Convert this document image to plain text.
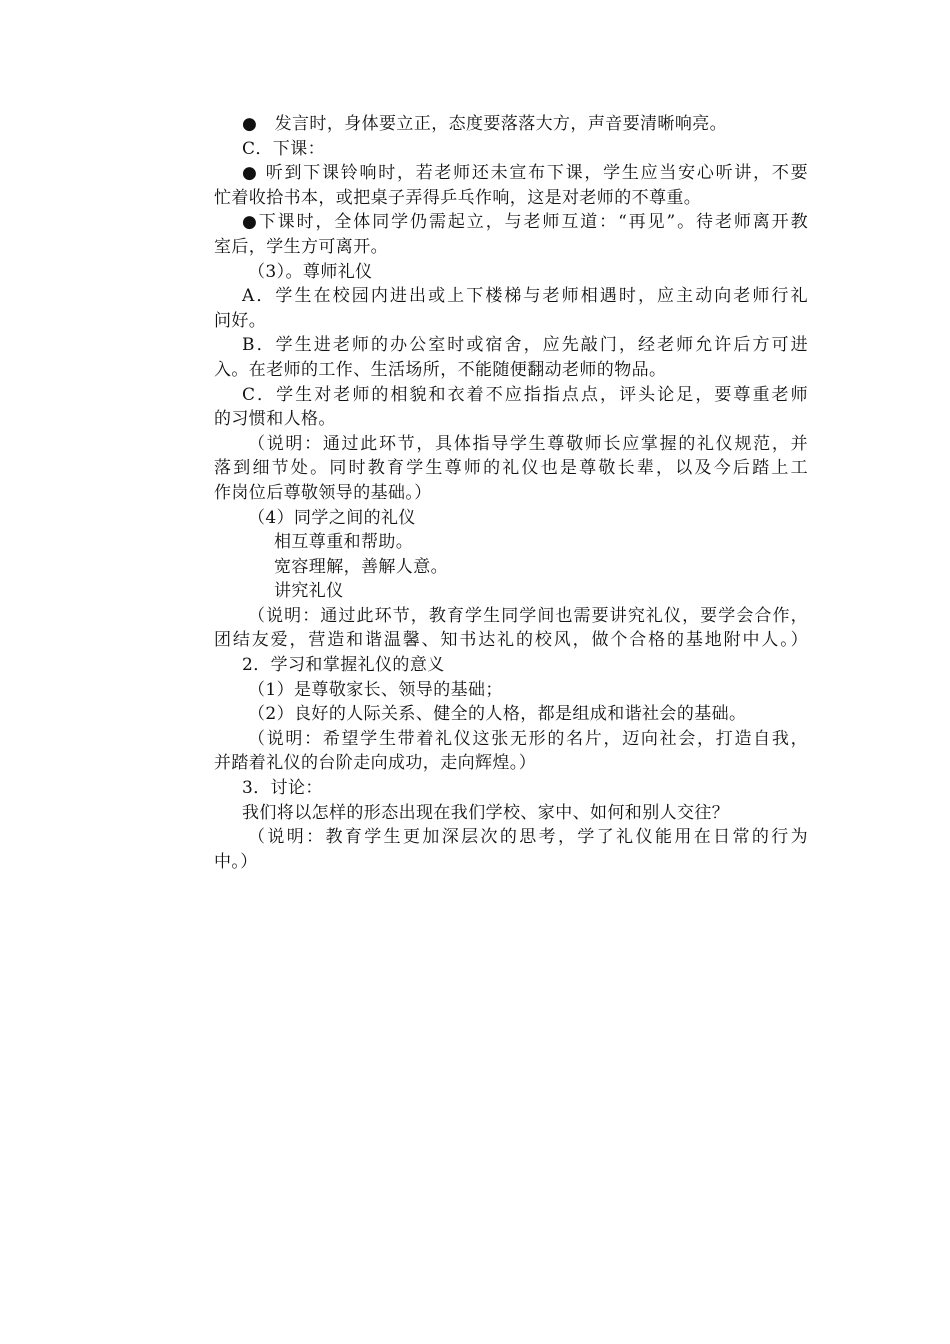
●　发言时，身体要立正，态度要落落大方，声音要清晰响亮。
C．下课：
● 听到下课铃响时，若老师还未宣布下课，学生应当安心听讲，不要
忙着收拾书本，或把桌子弄得乒乓作响，这是对老师的不尊重。
●下课时，全体同学仍需起立，与老师互道：“再见”。待老师离开教
室后，学生方可离开。
（3）。尊师礼仪
A．学生在校园内进出或上下楼梯与老师相遇时，应主动向老师行礼
问好。
B．学生进老师的办公室时或宿舍，应先敲门，经老师允许后方可进
入。在老师的工作、生活场所，不能随便翻动老师的物品。
C．学生对老师的相貌和衣着不应指指点点，评头论足，要尊重老师
的习惯和人格。
（说明：通过此环节，具体指导学生尊敬师长应掌握的礼仪规范，并
落到细节处。同时教育学生尊师的礼仪也是尊敬长辈，以及今后踏上工
作岗位后尊敬领导的基础。）
（4）同学之间的礼仪
相互尊重和帮助。
宽容理解，善解人意。
讲究礼仪
（说明：通过此环节，教育学生同学间也需要讲究礼仪，要学会合作，
团结友爱，营造和谐温馨、知书达礼的校风，做个合格的基地附中人。）
2．学习和掌握礼仪的意义
（1）是尊敬家长、领导的基础；
（2）良好的人际关系、健全的人格，都是组成和谐社会的基础。
（说明：希望学生带着礼仪这张无形的名片，迈向社会，打造自我，
并踏着礼仪的台阶走向成功，走向辉煌。）
3．讨论：
我们将以怎样的形态出现在我们学校、家中、如何和别人交往？
（说明：教育学生更加深层次的思考，学了礼仪能用在日常的行为
中。）
